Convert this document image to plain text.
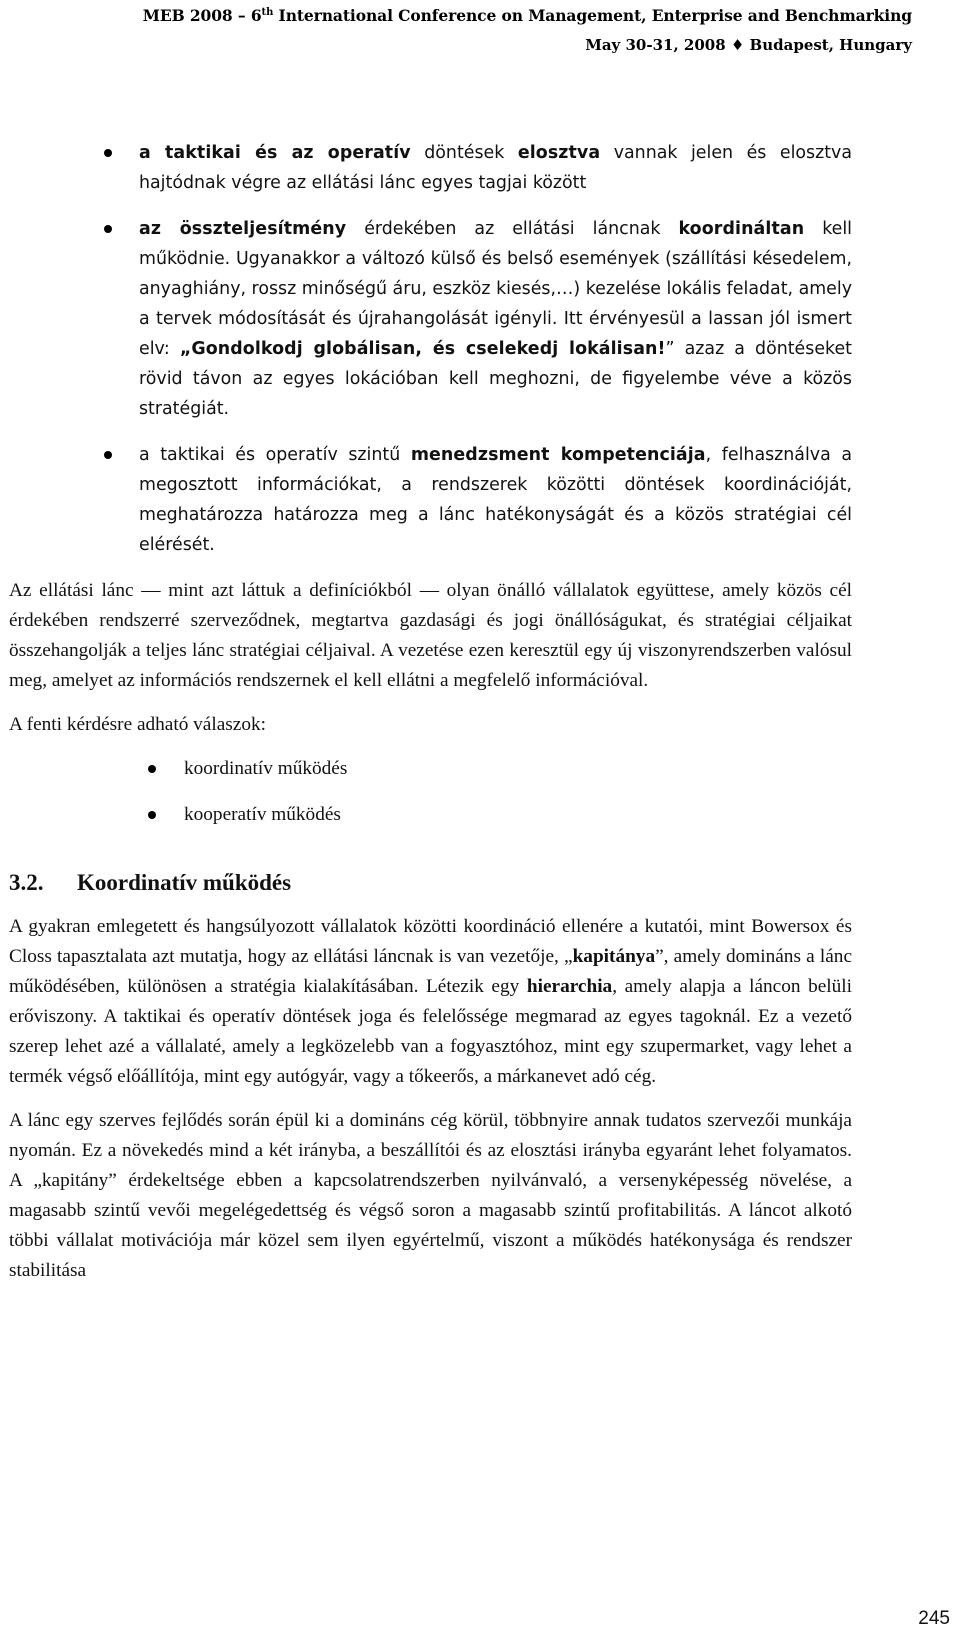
MEB 2008 – 6th International Conference on Management, Enterprise and Benchmarking
May 30-31, 2008 ♦ Budapest, Hungary
a taktikai és az operatív döntések elosztva vannak jelen és elosztva hajtódnak végre az ellátási lánc egyes tagjai között
az összteljesítmény érdekében az ellátási láncnak koordináltan kell működnie. Ugyanakkor a változó külső és belső események (szállítási késedelem, anyaghiány, rossz minőségű áru, eszköz kiesés,…) kezelése lokális feladat, amely a tervek módosítását és újrahangolását igényli. Itt érvényesül a lassan jól ismert elv: „Gondolkodj globálisan, és cselekedj lokálisan!” azaz a döntéseket rövid távon az egyes lokációban kell meghozni, de figyelembe véve a közös stratégiát.
a taktikai és operatív szintű menedzsment kompetenciája, felhasználva a megosztott információkat, a rendszerek közötti döntések koordinációját, meghatározza határozza meg a lánc hatékonyságát és a közös stratégiai cél elérését.

Az ellátási lánc — mint azt láttuk a definíciókból — olyan önálló vállalatok együttese, amely közös cél érdekében rendszerré szerveződnek, megtartva gazdasági és jogi önállóságukat, és stratégiai céljaikat összehangolják a teljes lánc stratégiai céljaival. A vezetése ezen keresztül egy új viszonyrendszerben valósul meg, amelyet az információs rendszernek el kell ellátni a megfelelő információval.

A fenti kérdésre adható válaszok:

koordinatív működés
kooperatív működés
3.2. Koordinatív működés

A gyakran emlegetett és hangsúlyozott vállalatok közötti koordináció ellenére a kutatói, mint Bowersox és Closs tapasztalata azt mutatja, hogy az ellátási láncnak is van vezetője, „kapitánya”, amely domináns a lánc működésében, különösen a stratégia kialakításában. Létezik egy hierarchia, amely alapja a láncon belüli erőviszony. A taktikai és operatív döntések joga és felelőssége megmarad az egyes tagoknál. Ez a vezető szerep lehet azé a vállalaté, amely a legközelebb van a fogyasztóhoz, mint egy szupermarket, vagy lehet a termék végső előállítója, mint egy autógyár, vagy a tőkeerős, a márkanevet adó cég.

A lánc egy szerves fejlődés során épül ki a domináns cég körül, többnyire annak tudatos szervezői munkája nyomán. Ez a növekedés mind a két irányba, a beszállítói és az elosztási irányba egyaránt lehet folyamatos. A „kapitány” érdekeltsége ebben a kapcsolatrendszerben nyilvánvaló, a versenyképesség növelése, a magasabb szintű vevői megelégedettség és végső soron a magasabb szintű profitabilitás. A láncot alkotó többi vállalat motivációja már közel sem ilyen egyértelmű, viszont a működés hatékonysága és rendszer stabilitása

245
